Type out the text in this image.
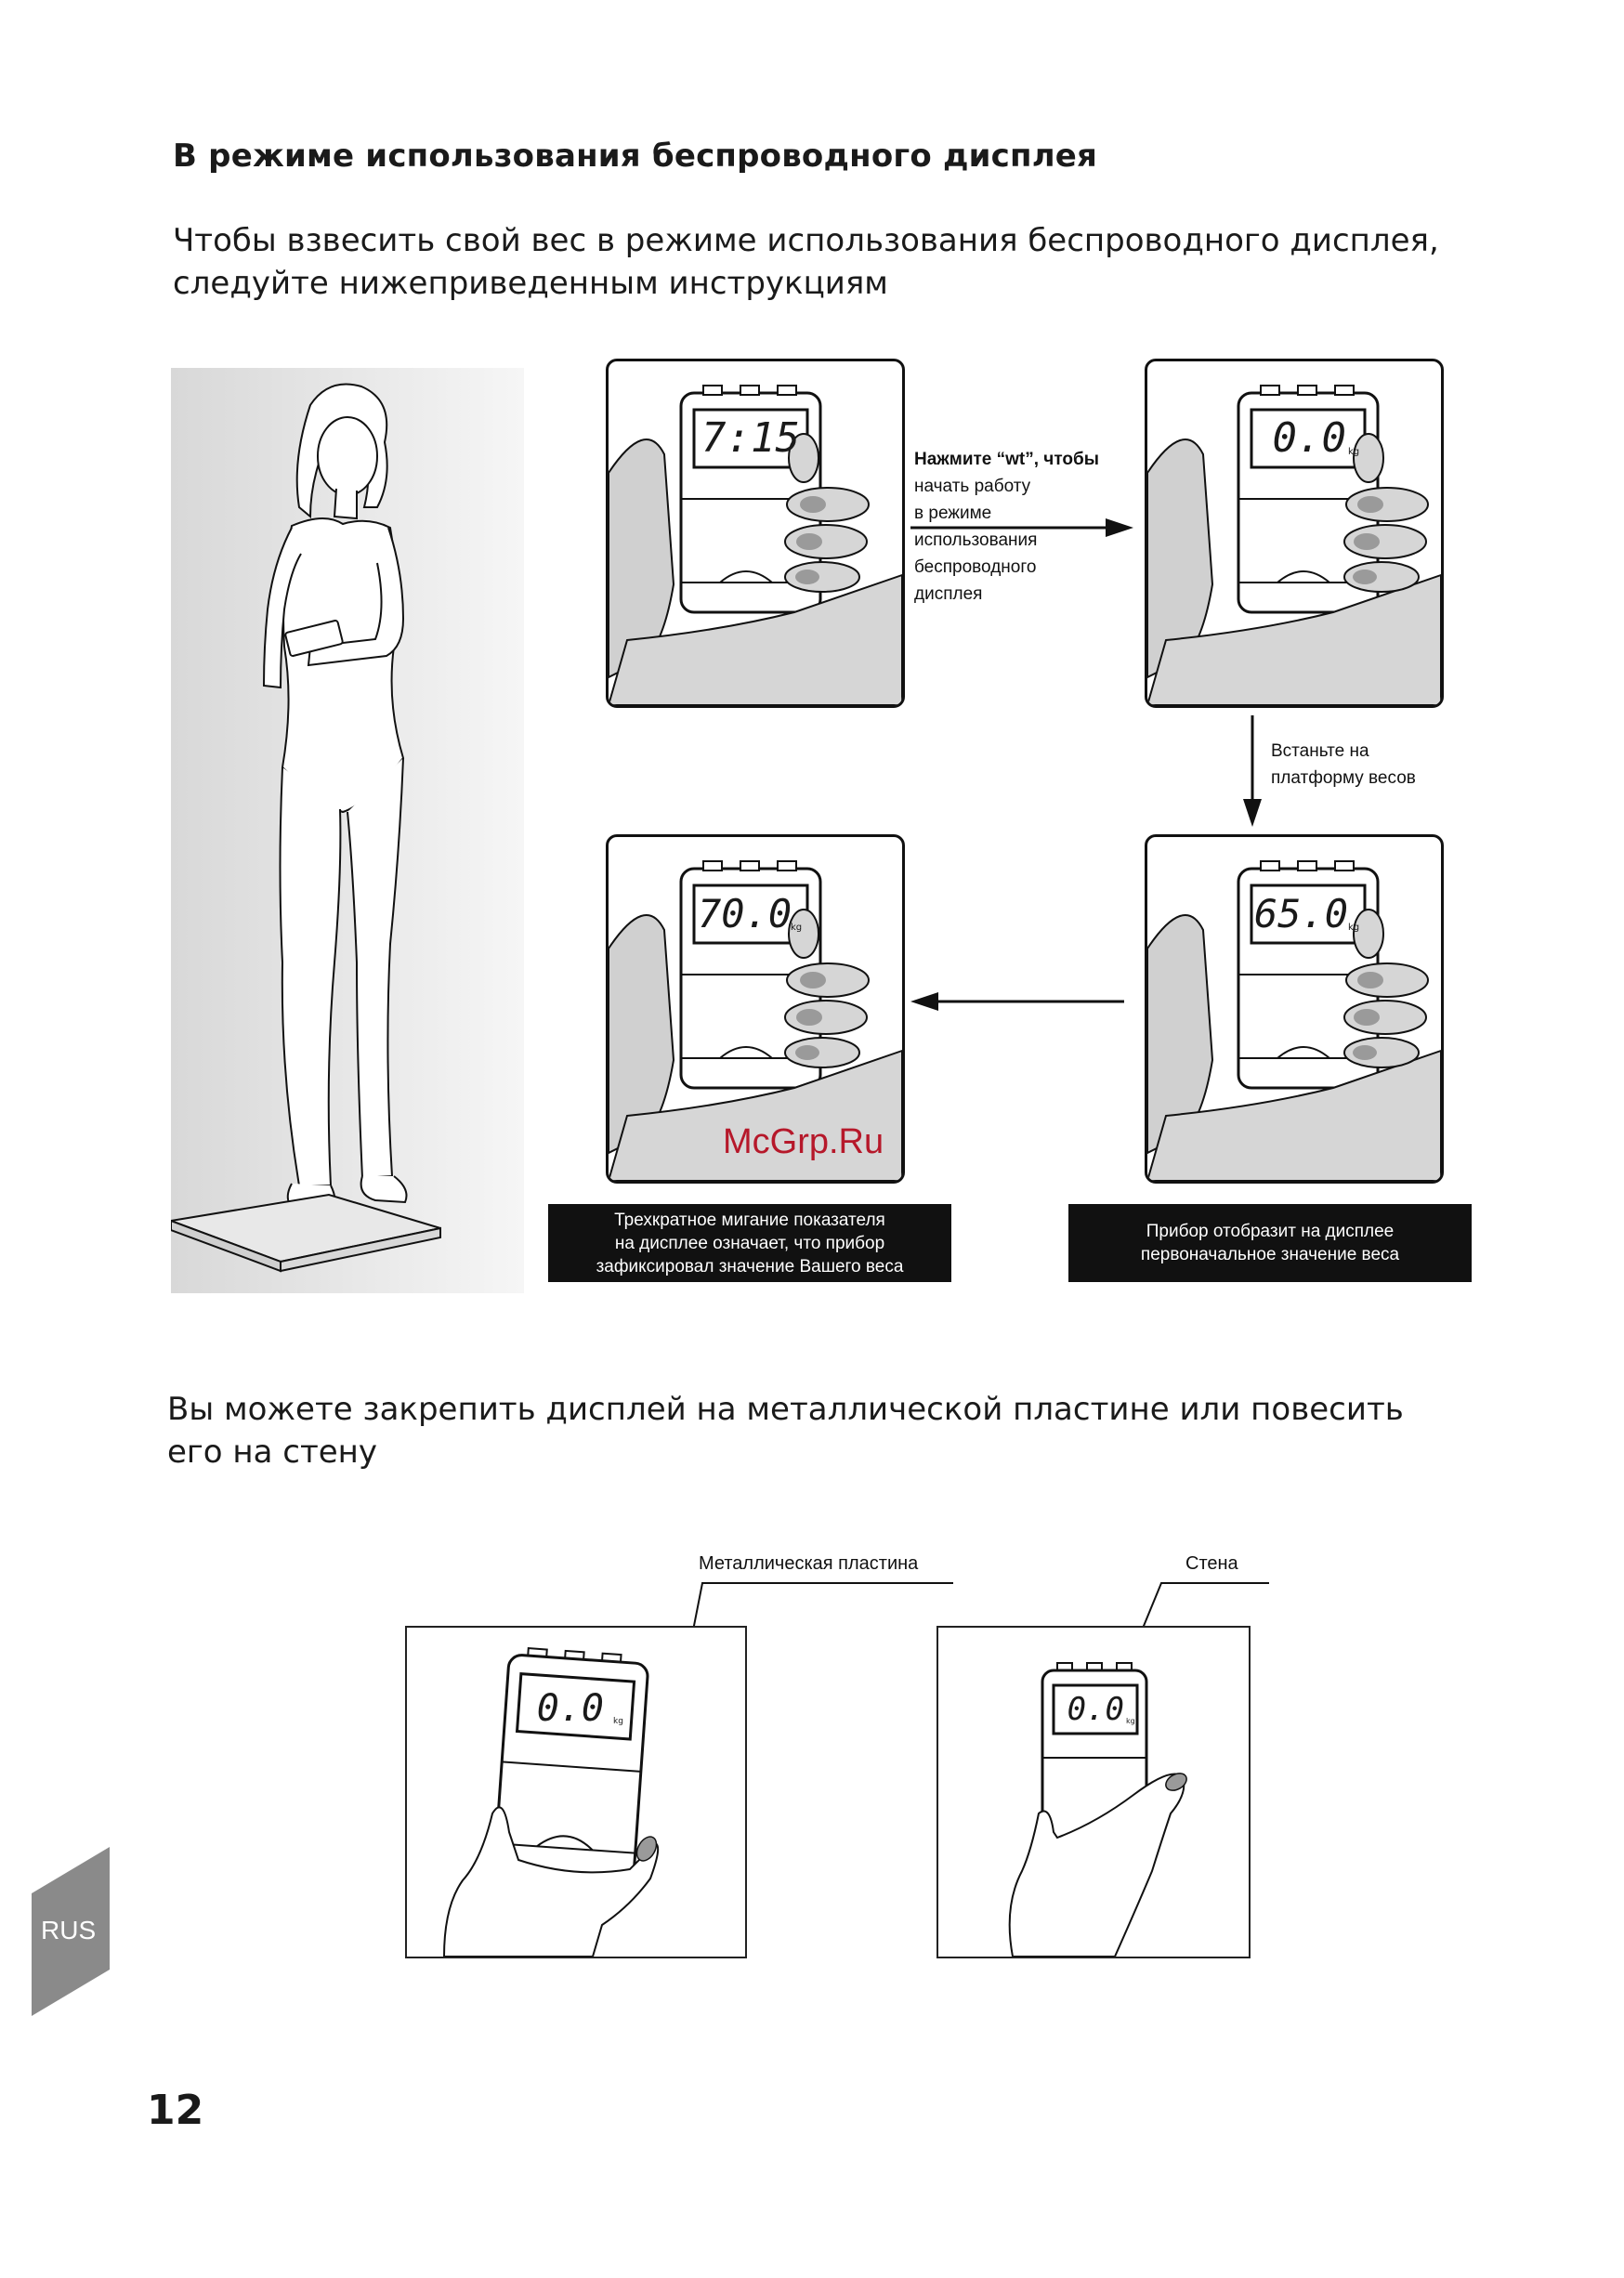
В режиме использования беспроводного дисплея

Чтобы взвесить свой вес в режиме использования беспроводного дисплея, следуйте нижеприведенным инструкциям

7:15	0.0 kg
Нажмите “wt”, чтобы
начать работу
в режиме
использования
беспроводного
дисплея
Встаньте на
платформу весов
70.0
kg	65.0 kg
McGrp.Ru
Трехкратное мигание показателя
на дисплее означает, что прибор
зафиксировал значение Вашего веса
Прибор отобразит на дисплее
первоначальное значение веса

Вы можете закрепить дисплей на металлической пластине или повесить его на стену

Металлическая пластина	Стена
0.0 kg	0.0 kg
RUS
12
